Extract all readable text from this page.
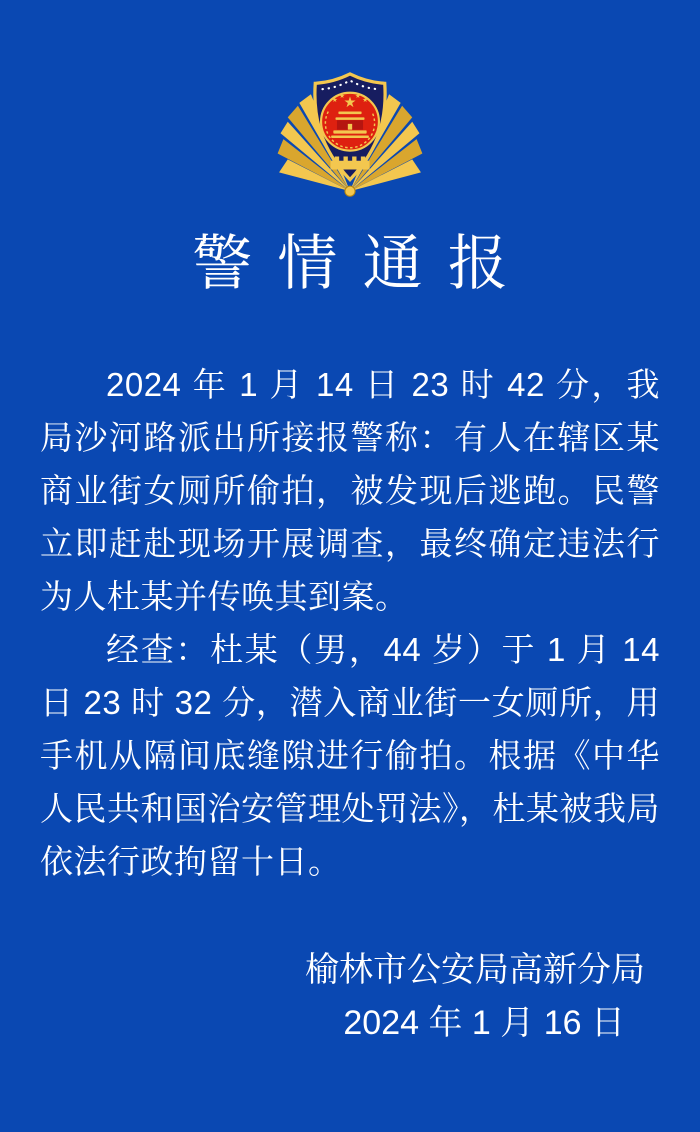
★
★
★ ★
★
警情通报

2024 年 1 月 14 日 23 时 42 分，我局沙河路派出所接报警称：有人在辖区某商业街女厕所偷拍，被发现后逃跑。民警立即赶赴现场开展调查，最终确定违法行为人杜某并传唤其到案。

经查：杜某（男，44 岁）于 1 月 14 日 23 时 32 分，潜入商业街一女厕所，用手机从隔间底缝隙进行偷拍。根据《中华人民共和国治安管理处罚法》，杜某被我局依法行政拘留十日。

榆林市公安局高新分局
2024 年 1 月 16 日
